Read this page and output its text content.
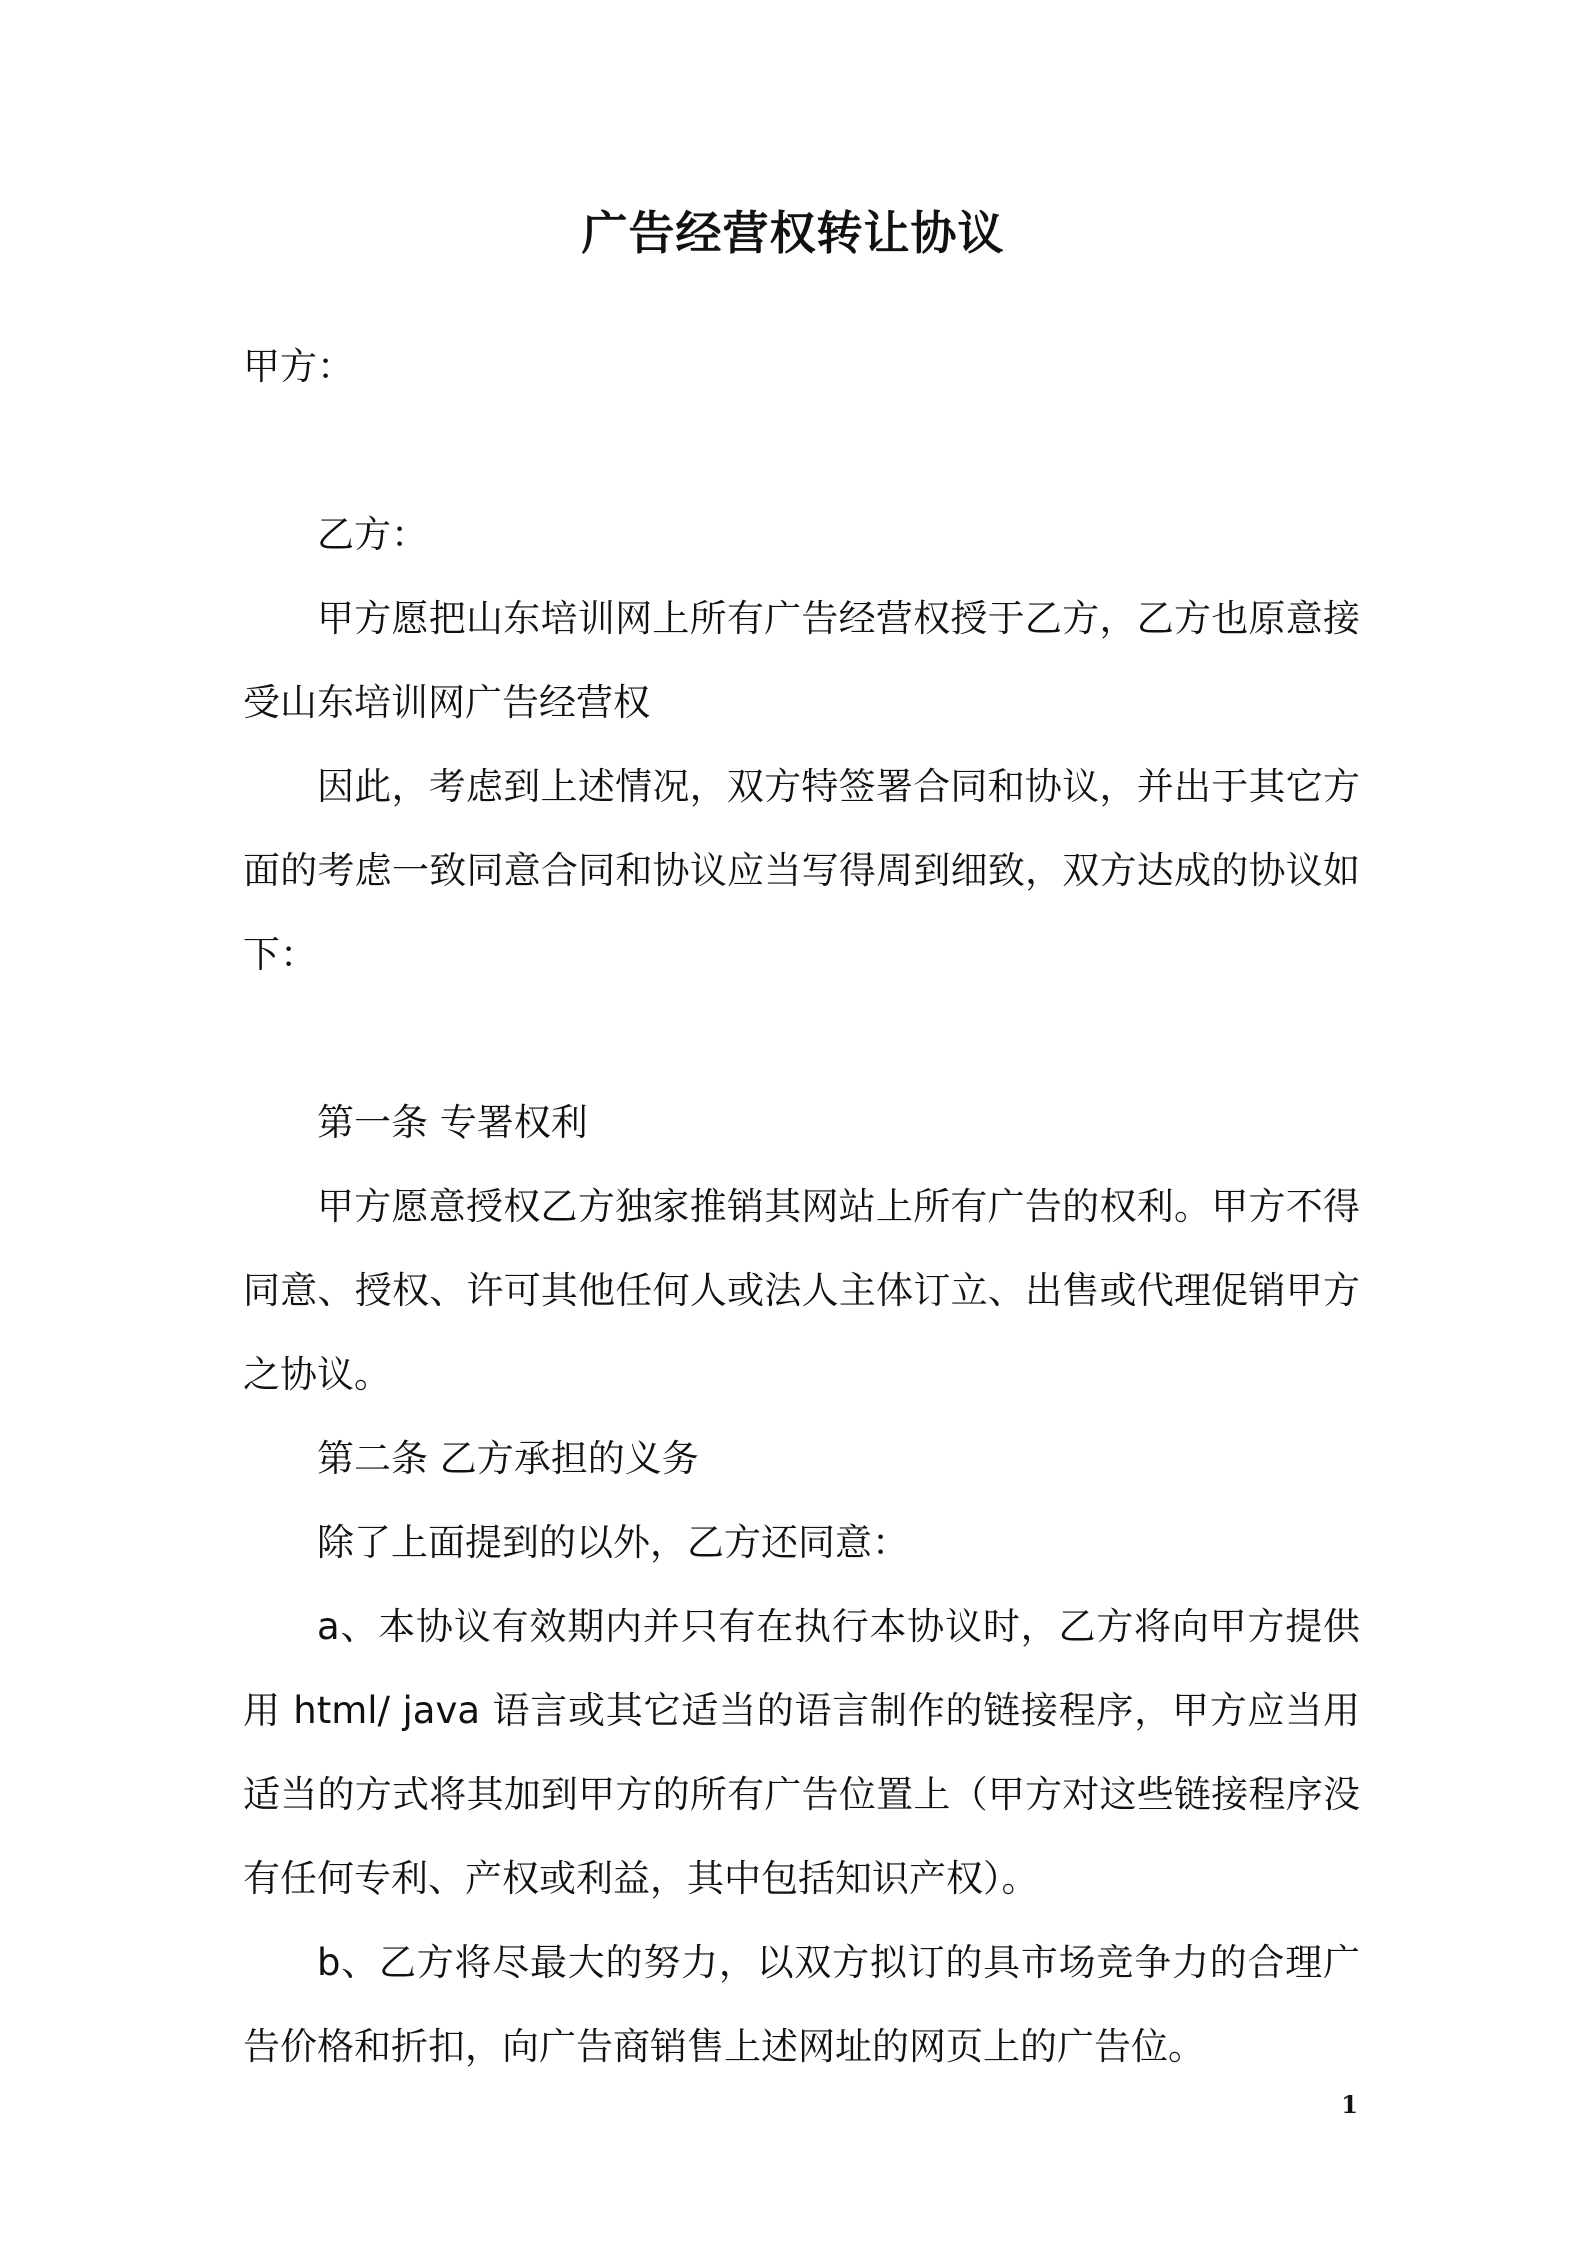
广告经营权转让协议

甲方：

乙方：

甲方愿把山东培训网上所有广告经营权授于乙方，乙方也原意接受山东培训网广告经营权

因此，考虑到上述情况，双方特签署合同和协议，并出于其它方面的考虑一致同意合同和协议应当写得周到细致，双方达成的协议如下：

第一条 专署权利

甲方愿意授权乙方独家推销其网站上所有广告的权利。甲方不得同意、授权、许可其他任何人或法人主体订立、出售或代理促销甲方之协议。

第二条 乙方承担的义务

除了上面提到的以外，乙方还同意：

a、本协议有效期内并只有在执行本协议时，乙方将向甲方提供用 html/ java 语言或其它适当的语言制作的链接程序，甲方应当用适当的方式将其加到甲方的所有广告位置上（甲方对这些链接程序没有任何专利、产权或利益，其中包括知识产权）。

b、乙方将尽最大的努力，以双方拟订的具市场竞争力的合理广告价格和折扣，向广告商销售上述网址的网页上的广告位。

1
